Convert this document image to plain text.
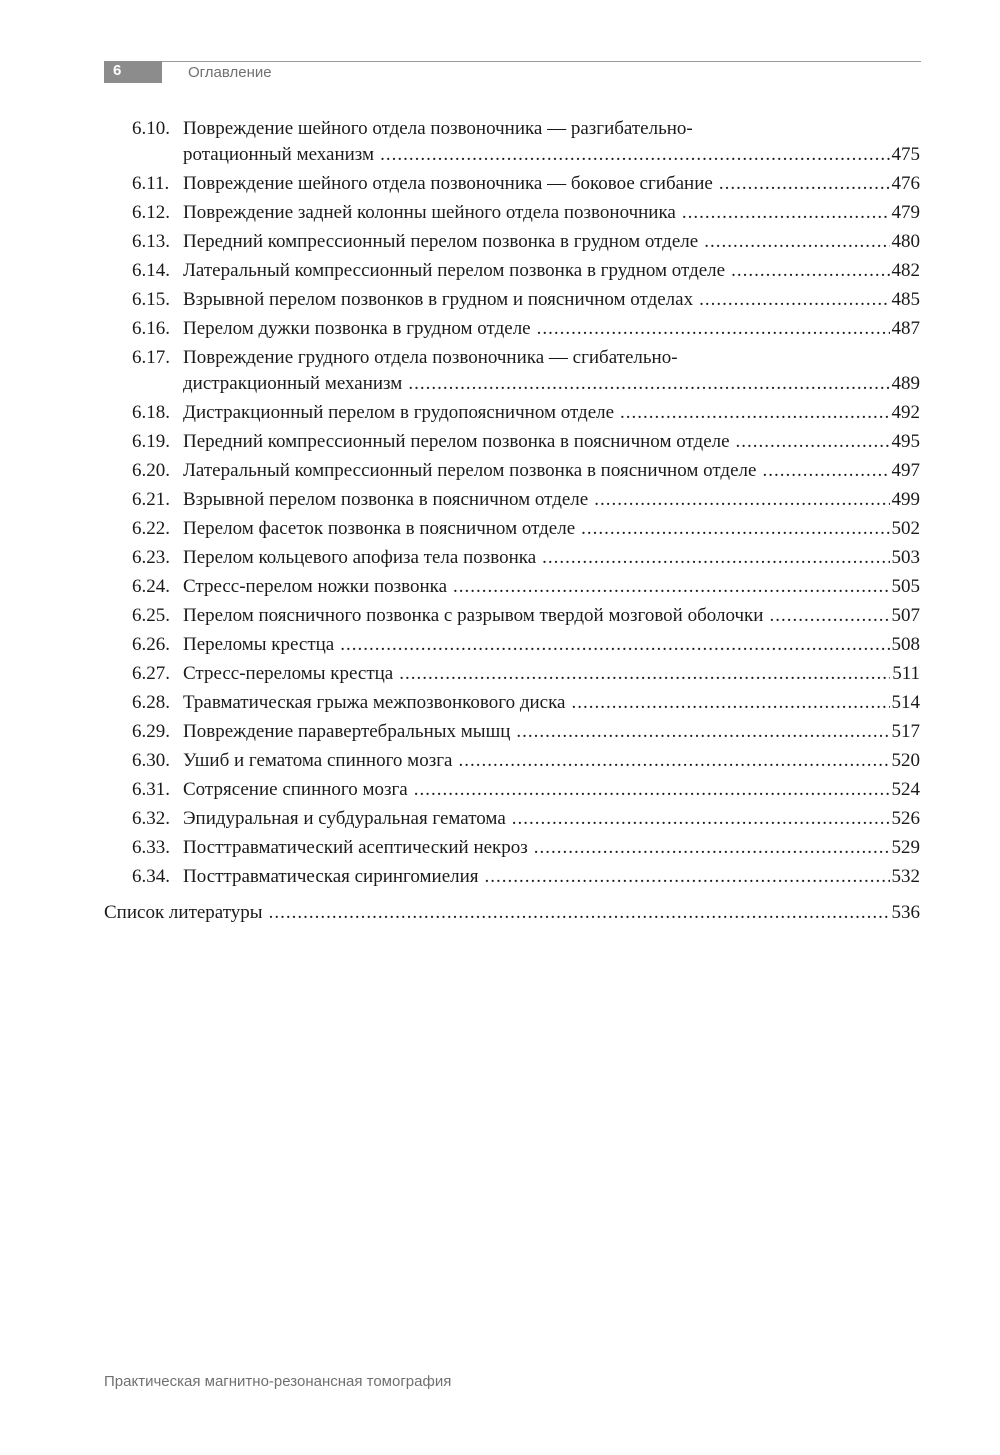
6	Оглавление
6.10. Повреждение шейного отдела позвоночника — разгибательно-
ротационный механизм .....	475
6.11. Повреждение шейного отдела позвоночника — боковое сгибание .....	476
6.12. Повреждение задней колонны шейного отдела позвоночника .....	479
6.13. Передний компрессионный перелом позвонка в грудном отделе .....	480
6.14. Латеральный компрессионный перелом позвонка в грудном отделе .....	482
6.15. Взрывной перелом позвонков в грудном и поясничном отделах .....	485
6.16. Перелом дужки позвонка в грудном отделе .....	487
6.17. Повреждение грудного отдела позвоночника — сгибательно-
дистракционный механизм .....	489
6.18. Дистракционный перелом в грудопоясничном отделе .....	492
6.19. Передний компрессионный перелом позвонка в поясничном отделе .....	495
6.20. Латеральный компрессионный перелом позвонка в поясничном отделе .....	497
6.21. Взрывной перелом позвонка в поясничном отделе .....	499
6.22. Перелом фасеток позвонка в поясничном отделе .....	502
6.23. Перелом кольцевого апофиза тела позвонка .....	503
6.24. Стресс-перелом ножки позвонка .....	505
6.25. Перелом поясничного позвонка с разрывом твердой мозговой оболочки .....	507
6.26. Переломы крестца .....	508
6.27. Стресс-переломы крестца .....	511
6.28. Травматическая грыжа межпозвонкового диска .....	514
6.29. Повреждение паравертебральных мышц .....	517
6.30. Ушиб и гематома спинного мозга .....	520
6.31. Сотрясение спинного мозга .....	524
6.32. Эпидуральная и субдуральная гематома .....	526
6.33. Посттравматический асептический некроз .....	529
6.34. Посттравматическая сирингомиелия .....	532
Список литературы .....	536
Практическая магнитно-резонансная томография
